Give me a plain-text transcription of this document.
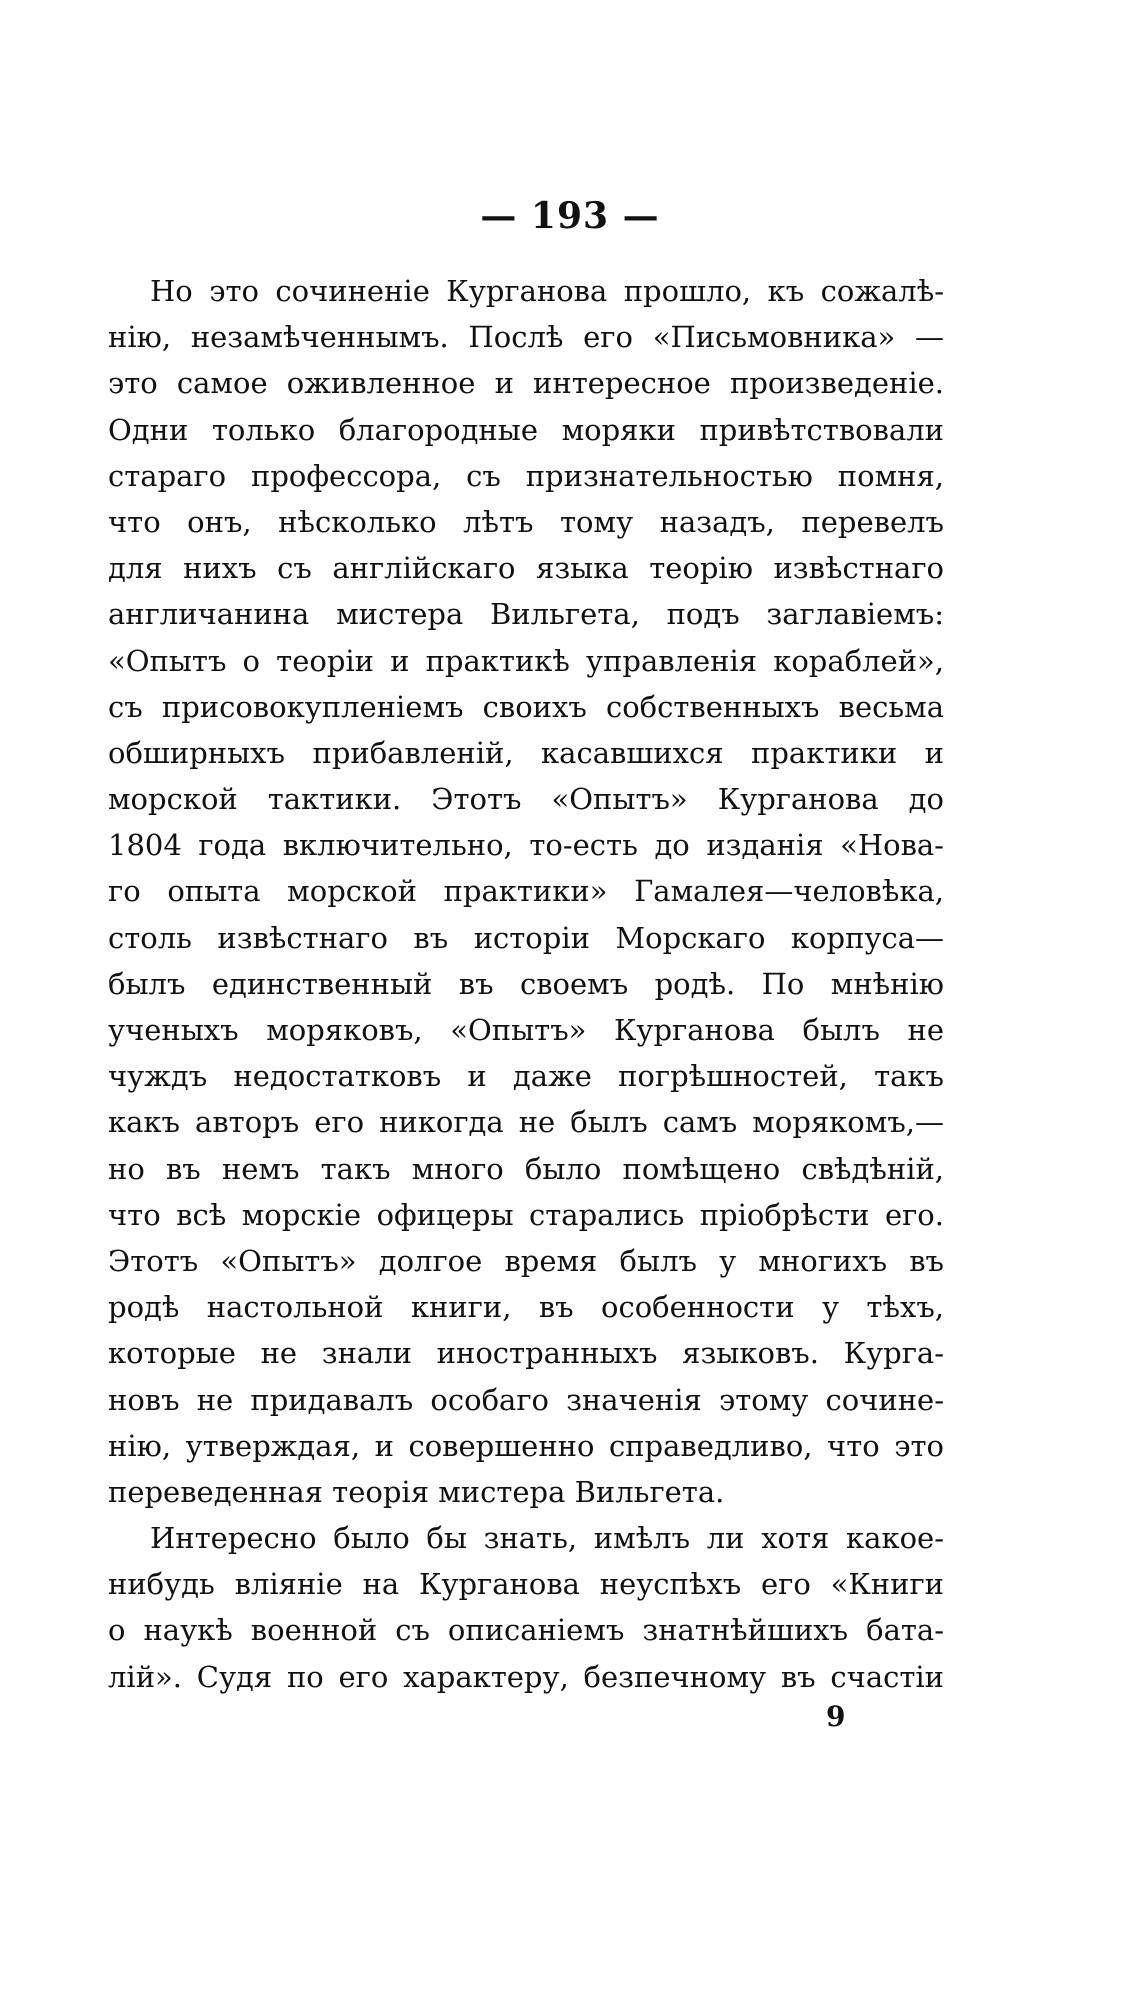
— 193 —
Но это сочиненіе Курганова прошло, къ сожалѣ-
нію, незамѣченнымъ. Послѣ его «Письмовника» —
это самое оживленное и интересное произведеніе.
Одни только благородные моряки привѣтствовали
стараго профессора, съ признательностью помня,
что онъ, нѣсколько лѣтъ тому назадъ, перевелъ
для нихъ съ англійскаго языка теорію извѣстнаго
англичанина мистера Вильгета, подъ заглавіемъ:
«Опытъ о теоріи и практикѣ управленія кораблей»,
съ присовокупленіемъ своихъ собственныхъ весьма
обширныхъ прибавленій, касавшихся практики и
морской тактики. Этотъ «Опытъ» Курганова до
1804 года включительно, то-есть до изданія «Нова-
го опыта морской практики» Гамалея—человѣка,
столь извѣстнаго въ исторіи Морскаго корпуса—
былъ единственный въ своемъ родѣ. По мнѣнію
ученыхъ моряковъ, «Опытъ» Курганова былъ не
чуждъ недостатковъ и даже погрѣшностей, такъ
какъ авторъ его никогда не былъ самъ морякомъ,—
но въ немъ такъ много было помѣщено свѣдѣній,
что всѣ морскіе офицеры старались пріобрѣсти его.
Этотъ «Опытъ» долгое время былъ у многихъ въ
родѣ настольной книги, въ особенности у тѣхъ,
которые не знали иностранныхъ языковъ. Курга-
новъ не придавалъ особаго значенія этому сочине-
нію, утверждая, и совершенно справедливо, что это
переведенная теорія мистера Вильгета.
Интересно было бы знать, имѣлъ ли хотя какое-
нибудь вліяніе на Курганова неуспѣхъ его «Книги
о наукѣ военной съ описаніемъ знатнѣйшихъ бата-
лій». Судя по его характеру, безпечному въ счастіи
9
